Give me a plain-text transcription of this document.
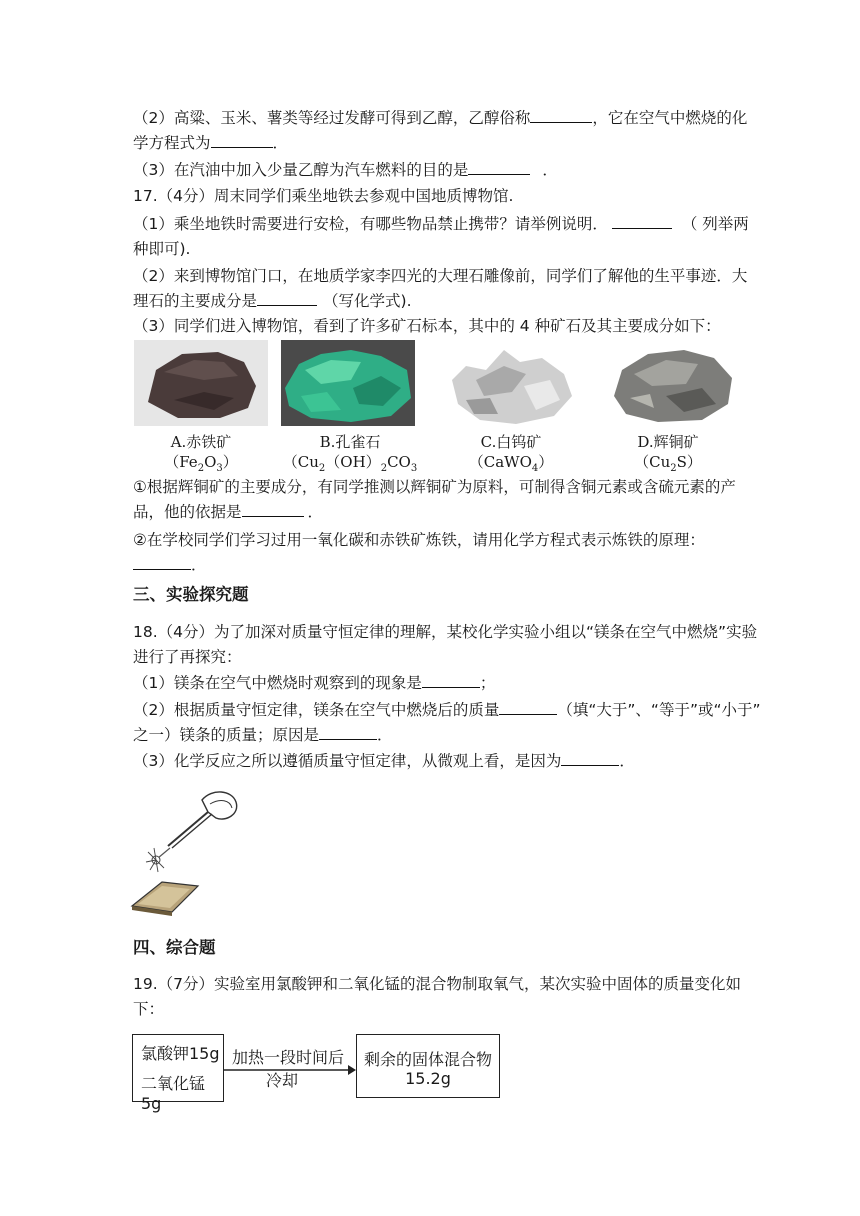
（2）高粱、玉米、薯类等经过发酵可得到乙醇，乙醇俗称	，它在空气中燃烧的化
学方程式为	．
（3）在汽油中加入少量乙醇为汽车燃料的目的是	．
17.（4分）周末同学们乘坐地铁去参观中国地质博物馆.
（1）乘坐地铁时需要进行安检，有哪些物品禁止携带？请举例说明．	（ 列举两
种即可).
（2）来到博物馆门口，在地质学家李四光的大理石雕像前，同学们了解他的生平事迹．大
理石的主要成分是	（写化学式).
（3）同学们进入博物馆，看到了许多矿石标本，其中的 4 种矿石及其主要成分如下：
A.赤铁矿
$(Fe_2O_3)$
B.孔雀石
（$Cu_2(OH)_2CO_3$
C.白钨矿
（CaWO$_4$）
D.辉铜矿
$(Cu_2S)$
①根据辉铜矿的主要成分，有同学推测以辉铜矿为原料，可制得含铜元素或含硫元素的产
品，他的依据是	．
②在学校同学们学习过用一氧化碳和赤铁矿炼铁，请用化学方程式表示炼铁的原理：
．
三、实验探究题
18.（4分）为了加深对质量守恒定律的理解，某校化学实验小组以“镁条在空气中燃烧”实验
进行了再探究：
（1）镁条在空气中燃烧时观察到的现象是	；
（2）根据质量守恒定律，镁条在空气中燃烧后的质量	（填“大于”、“等于”或“小于”
之一）镁条的质量；原因是	．
（3）化学反应之所以遵循质量守恒定律，从微观上看，是因为	．
四、综合题
19.（7分）实验室用氯酸钾和二氧化锰的混合物制取氧气，某次实验中固体的质量变化如
下：
氯酸钾15g
二氧化锰5g
加热一段时间后
冷却
剩余的固体混合物
15.2g
